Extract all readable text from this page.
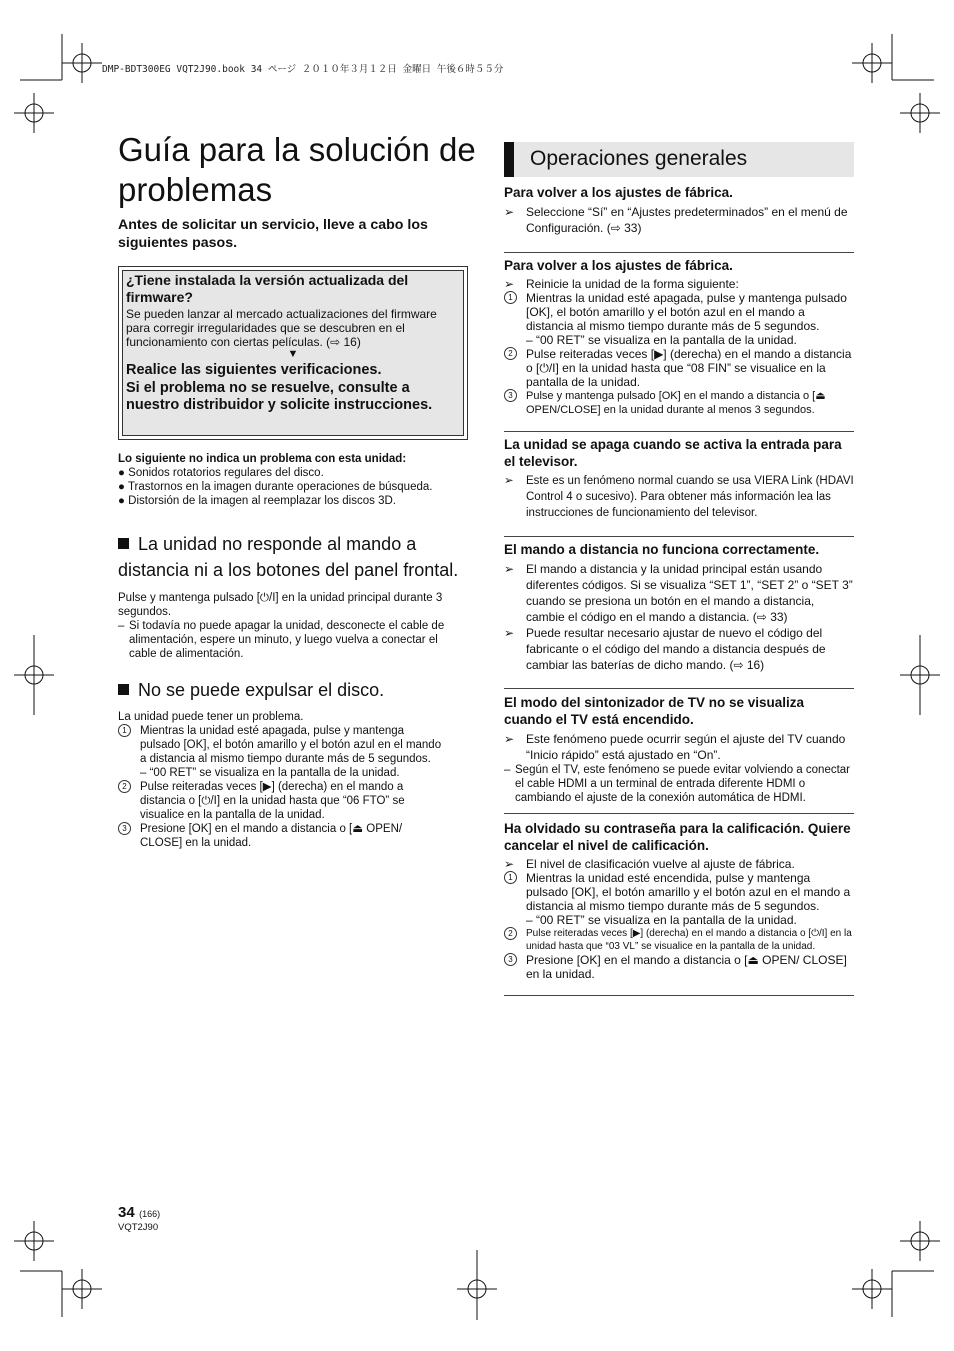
DMP-BDT300EG VQT2J90.book 34 ページ ２０１０年３月１２日 金曜日 午後６時５５分
Guía para la solución de problemas
Antes de solicitar un servicio, lleve a cabo los siguientes pasos.
¿Tiene instalada la versión actualizada del firmware?
Se pueden lanzar al mercado actualizaciones del firmware para corregir irregularidades que se descubren en el funcionamiento con ciertas películas. (⇨ 16)
▼
Realice las siguientes verificaciones.
Si el problema no se resuelve, consulte a nuestro distribuidor y solicite instrucciones.
Lo siguiente no indica un problema con esta unidad:
● Sonidos rotatorios regulares del disco.
● Trastornos en la imagen durante operaciones de búsqueda.
● Distorsión de la imagen al reemplazar los discos 3D.
La unidad no responde al mando a distancia ni a los botones del panel frontal.
Pulse y mantenga pulsado [⏻/I] en la unidad principal durante 3 segundos.
– Si todavía no puede apagar la unidad, desconecte el cable de alimentación, espere un minuto, y luego vuelva a conectar el cable de alimentación.
No se puede expulsar el disco.
La unidad puede tener un problema.
1	Mientras la unidad esté apagada, pulse y mantenga pulsado [OK], el botón amarillo y el botón azul en el mando a distancia al mismo tiempo durante más de 5 segundos.
– “00 RET” se visualiza en la pantalla de la unidad.
2	Pulse reiteradas veces [▶] (derecha) en el mando a distancia o [⏻/I] en la unidad hasta que “06 FTO” se visualice en la pantalla de la unidad.
3	Presione [OK] en el mando a distancia o [⏏ OPEN/ CLOSE] en la unidad.
Operaciones generales
Para volver a los ajustes de fábrica.
➢ Seleccione “Sí” en “Ajustes predeterminados” en el menú de Configuración. (⇨ 33)
Para volver a los ajustes de fábrica.
➢ Reinicie la unidad de la forma siguiente:
1	Mientras la unidad esté apagada, pulse y mantenga pulsado [OK], el botón amarillo y el botón azul en el mando a distancia al mismo tiempo durante más de 5 segundos.
– “00 RET” se visualiza en la pantalla de la unidad.
2	Pulse reiteradas veces [▶] (derecha) en el mando a distancia o [⏻/I] en la unidad hasta que “08 FIN” se visualice en la pantalla de la unidad.
3	Pulse y mantenga pulsado [OK] en el mando a distancia o [⏏ OPEN/CLOSE] en la unidad durante al menos 3 segundos.
La unidad se apaga cuando se activa la entrada para el televisor.
➢ Este es un fenómeno normal cuando se usa VIERA Link (HDAVI Control 4 o sucesivo). Para obtener más información lea las instrucciones de funcionamiento del televisor.
El mando a distancia no funciona correctamente.
➢ El mando a distancia y la unidad principal están usando diferentes códigos. Si se visualiza “SET 1”, “SET 2” o “SET 3” cuando se presiona un botón en el mando a distancia, cambie el código en el mando a distancia. (⇨ 33)
➢ Puede resultar necesario ajustar de nuevo el código del fabricante o el código del mando a distancia después de cambiar las baterías de dicho mando. (⇨ 16)
El modo del sintonizador de TV no se visualiza cuando el TV está encendido.
➢ Este fenómeno puede ocurrir según el ajuste del TV cuando “Inicio rápido” está ajustado en “On”.
– Según el TV, este fenómeno se puede evitar volviendo a conectar el cable HDMI a un terminal de entrada diferente HDMI o cambiando el ajuste de la conexión automática de HDMI.
Ha olvidado su contraseña para la calificación. Quiere cancelar el nivel de calificación.
➢ El nivel de clasificación vuelve al ajuste de fábrica.
1	Mientras la unidad esté encendida, pulse y mantenga pulsado [OK], el botón amarillo y el botón azul en el mando a distancia al mismo tiempo durante más de 5 segundos.
– “00 RET” se visualiza en la pantalla de la unidad.
2	Pulse reiteradas veces [▶] (derecha) en el mando a distancia o [⏻/I] en la unidad hasta que “03 VL” se visualice en la pantalla de la unidad.
3	Presione [OK] en el mando a distancia o [⏏ OPEN/ CLOSE] en la unidad.
34 (166)
VQT2J90
